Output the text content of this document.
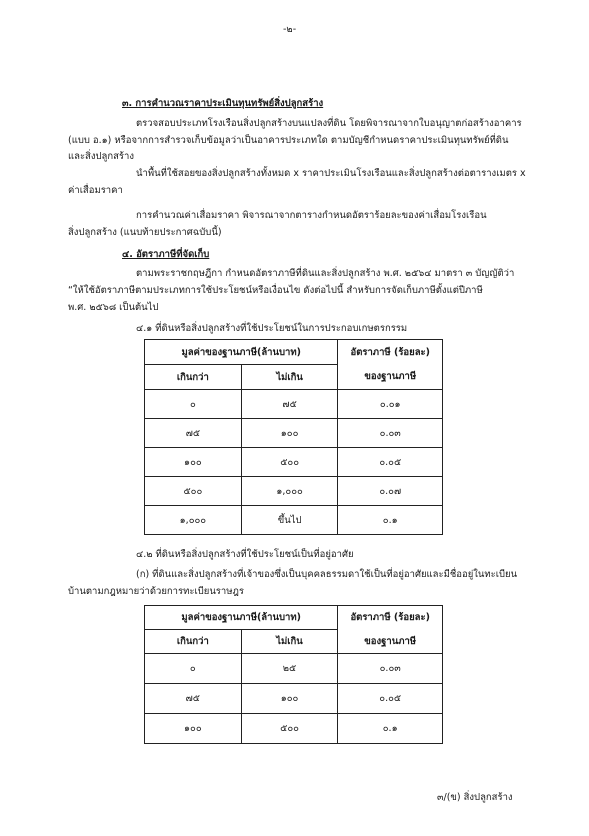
-๒-
๓. การคำนวณราคาประเมินทุนทรัพย์สิ่งปลูกสร้าง
ตรวจสอบประเภทโรงเรือนสิ่งปลูกสร้างบนแปลงที่ดิน โดยพิจารณาจากใบอนุญาตก่อสร้างอาคาร
(แบบ อ.๑) หรือจากการสำรวจเก็บข้อมูลว่าเป็นอาคารประเภทใด ตามบัญชีกำหนดราคาประเมินทุนทรัพย์ที่ดิน
และสิ่งปลูกสร้าง
นำพื้นที่ใช้สอยของสิ่งปลูกสร้างทั้งหมด x ราคาประเมินโรงเรือนและสิ่งปลูกสร้างต่อตารางเมตร x
ค่าเสื่อมราคา
การคำนวณค่าเสื่อมราคา พิจารณาจากตารางกำหนดอัตราร้อยละของค่าเสื่อมโรงเรือน
สิ่งปลูกสร้าง (แนบท้ายประกาศฉบับนี้)
๔. อัตราภาษีที่จัดเก็บ
ตามพระราชกฤษฎีกา กำหนดอัตราภาษีที่ดินและสิ่งปลูกสร้าง พ.ศ. ๒๕๖๔ มาตรา ๓ บัญญัติว่า
“ให้ใช้อัตราภาษีตามประเภทการใช้ประโยชน์หรือเงื่อนไข ดังต่อไปนี้ สำหรับการจัดเก็บภาษีตั้งแต่ปีภาษี
พ.ศ. ๒๕๖๘ เป็นต้นไป
๔.๑ ที่ดินหรือสิ่งปลูกสร้างที่ใช้ประโยชน์ในการประกอบเกษตรกรรม
มูลค่าของฐานภาษี(ล้านบาท)		อัตราภาษี (ร้อยละ)
เกินกว่า	ไม่เกิน	ของฐานภาษี
๐	๗๕	๐.๐๑
๗๕	๑๐๐	๐.๐๓
๑๐๐	๕๐๐	๐.๐๕
๕๐๐	๑,๐๐๐	๐.๐๗
๑,๐๐๐	ขึ้นไป	๐.๑
๔.๒ ที่ดินหรือสิ่งปลูกสร้างที่ใช้ประโยชน์เป็นที่อยู่อาศัย
(ก) ที่ดินและสิ่งปลูกสร้างที่เจ้าของซึ่งเป็นบุคคลธรรมดาใช้เป็นที่อยู่อาศัยและมีชื่ออยู่ในทะเบียน
บ้านตามกฎหมายว่าด้วยการทะเบียนราษฎร
มูลค่าของฐานภาษี(ล้านบาท)		อัตราภาษี (ร้อยละ)
เกินกว่า	ไม่เกิน	ของฐานภาษี
๐	๒๕	๐.๐๓
๗๕	๑๐๐	๐.๐๕
๑๐๐	๕๐๐	๐.๑
๓/(ข) สิ่งปลูกสร้าง
